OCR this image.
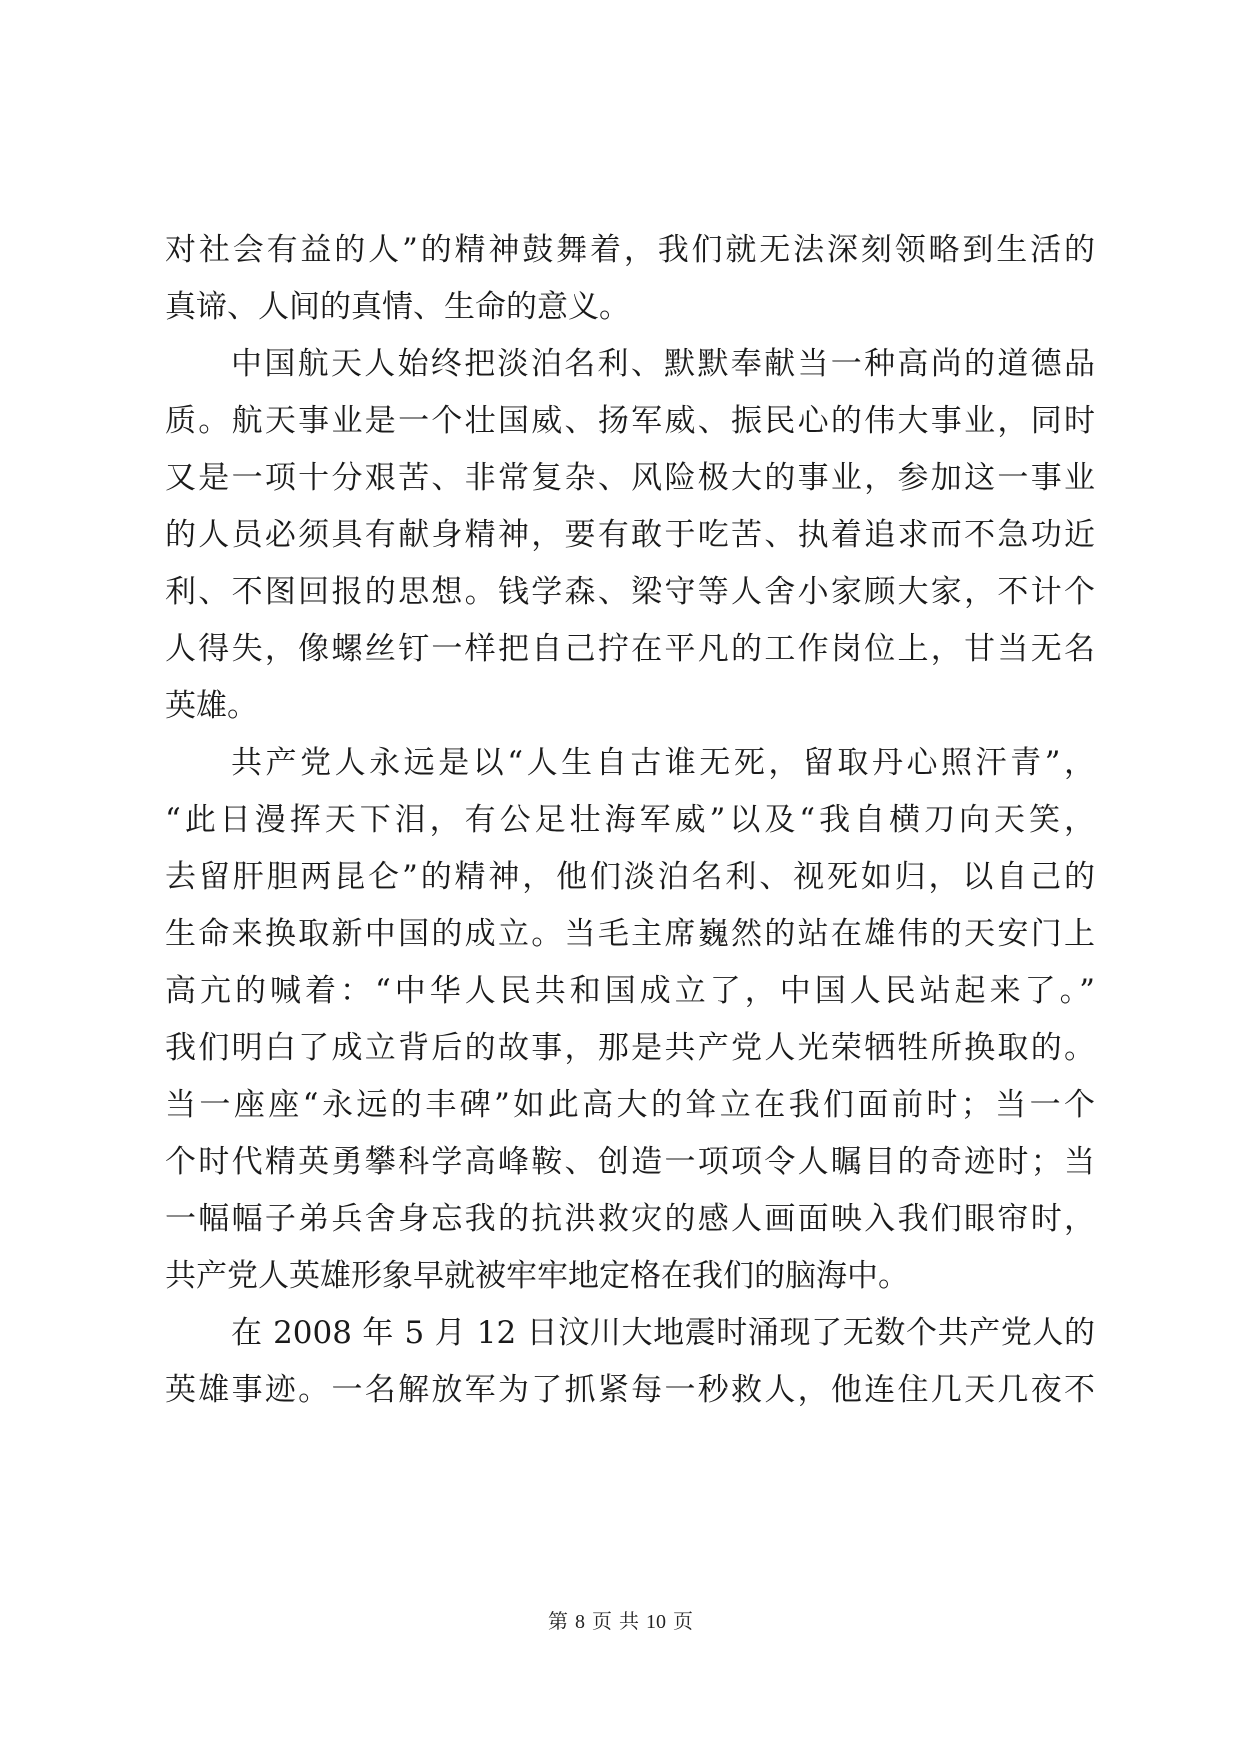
对社会有益的人”的精神鼓舞着，我们就无法深刻领略到生活的
真谛、人间的真情、生命的意义。
中国航天人始终把淡泊名利、默默奉献当一种高尚的道德品
质。航天事业是一个壮国威、扬军威、振民心的伟大事业，同时
又是一项十分艰苦、非常复杂、风险极大的事业，参加这一事业
的人员必须具有献身精神，要有敢于吃苦、执着追求而不急功近
利、不图回报的思想。钱学森、梁守等人舍小家顾大家，不计个
人得失，像螺丝钉一样把自己拧在平凡的工作岗位上，甘当无名
英雄。
共产党人永远是以“人生自古谁无死，留取丹心照汗青”，
“此日漫挥天下泪，有公足壮海军威”以及“我自横刀向天笑，
去留肝胆两昆仑”的精神，他们淡泊名利、视死如归，以自己的
生命来换取新中国的成立。当毛主席巍然的站在雄伟的天安门上
高亢的喊着：“中华人民共和国成立了，中国人民站起来了。”
我们明白了成立背后的故事，那是共产党人光荣牺牲所换取的。
当一座座“永远的丰碑”如此高大的耸立在我们面前时；当一个
个时代精英勇攀科学高峰鞍、创造一项项令人瞩目的奇迹时；当
一幅幅子弟兵舍身忘我的抗洪救灾的感人画面映入我们眼帘时，
共产党人英雄形象早就被牢牢地定格在我们的脑海中。
在 2008 年 5 月 12 日汶川大地震时涌现了无数个共产党人的
英雄事迹。一名解放军为了抓紧每一秒救人，他连住几天几夜不
第 8 页 共 10 页
